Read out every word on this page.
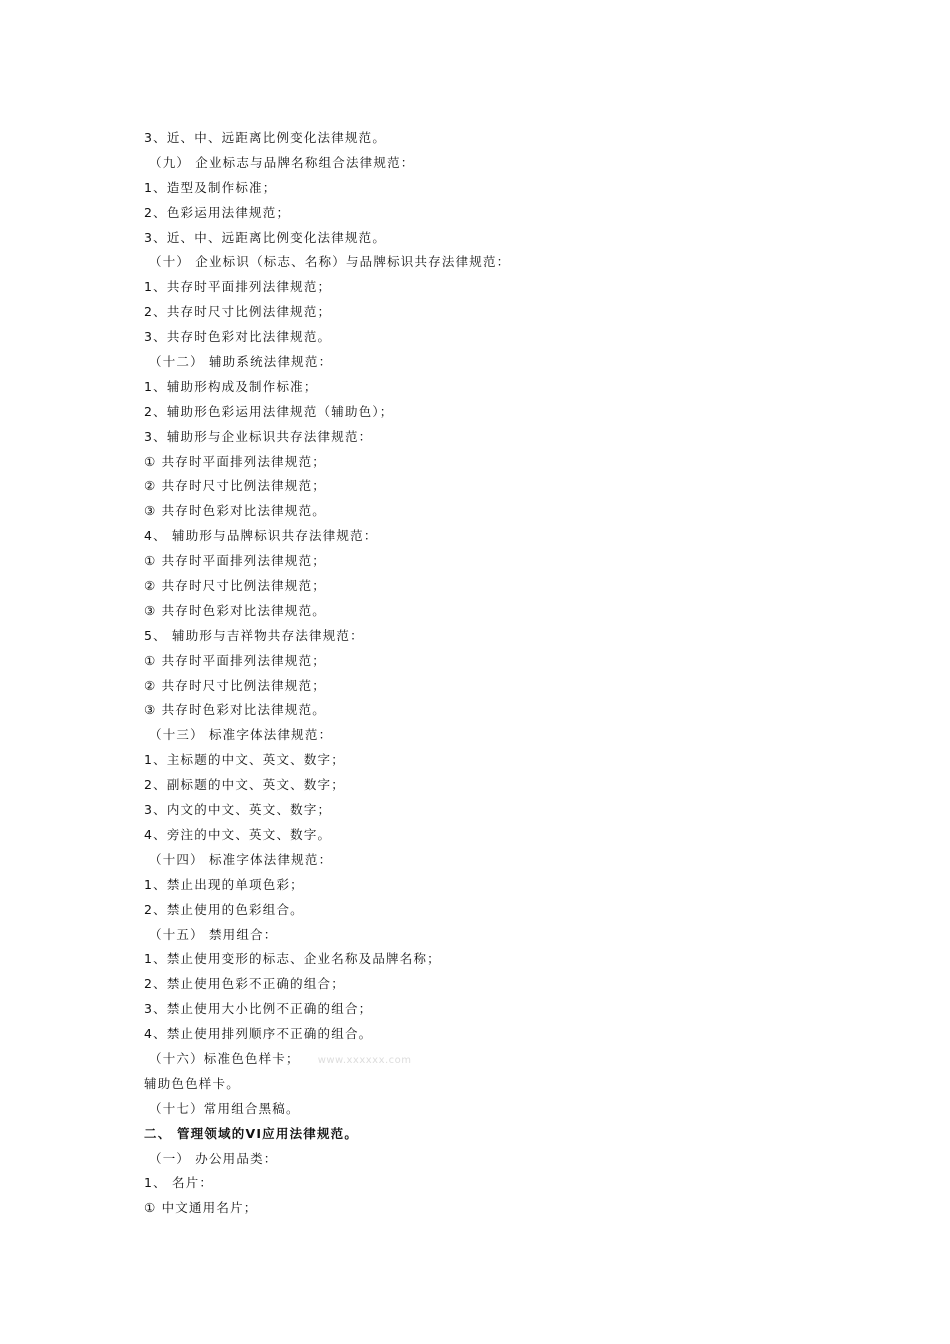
3、近、中、远距离比例变化法律规范。
（九） 企业标志与品牌名称组合法律规范：
1、造型及制作标准；
2、色彩运用法律规范；
3、近、中、远距离比例变化法律规范。
（十） 企业标识（标志、名称）与品牌标识共存法律规范：
1、共存时平面排列法律规范；
2、共存时尺寸比例法律规范；
3、共存时色彩对比法律规范。
（十二） 辅助系统法律规范：
1、辅助形构成及制作标准；
2、辅助形色彩运用法律规范（辅助色）；
3、辅助形与企业标识共存法律规范：
① 共存时平面排列法律规范；
② 共存时尺寸比例法律规范；
③ 共存时色彩对比法律规范。
4、 辅助形与品牌标识共存法律规范：
① 共存时平面排列法律规范；
② 共存时尺寸比例法律规范；
③ 共存时色彩对比法律规范。
5、 辅助形与吉祥物共存法律规范：
① 共存时平面排列法律规范；
② 共存时尺寸比例法律规范；
③ 共存时色彩对比法律规范。
（十三） 标准字体法律规范：
1、主标题的中文、英文、数字；
2、副标题的中文、英文、数字；
3、内文的中文、英文、数字；
4、旁注的中文、英文、数字。
（十四） 标准字体法律规范：
1、禁止出现的单项色彩；
2、禁止使用的色彩组合。
（十五） 禁用组合：
1、禁止使用变形的标志、企业名称及品牌名称；
2、禁止使用色彩不正确的组合；
3、禁止使用大小比例不正确的组合；
4、禁止使用排列顺序不正确的组合。
（十六）标准色色样卡； www.xxxxxx.com
辅助色色样卡。
（十七）常用组合黑稿。
二、 管理领域的VI应用法律规范。
（一） 办公用品类：
1、 名片：
① 中文通用名片；
